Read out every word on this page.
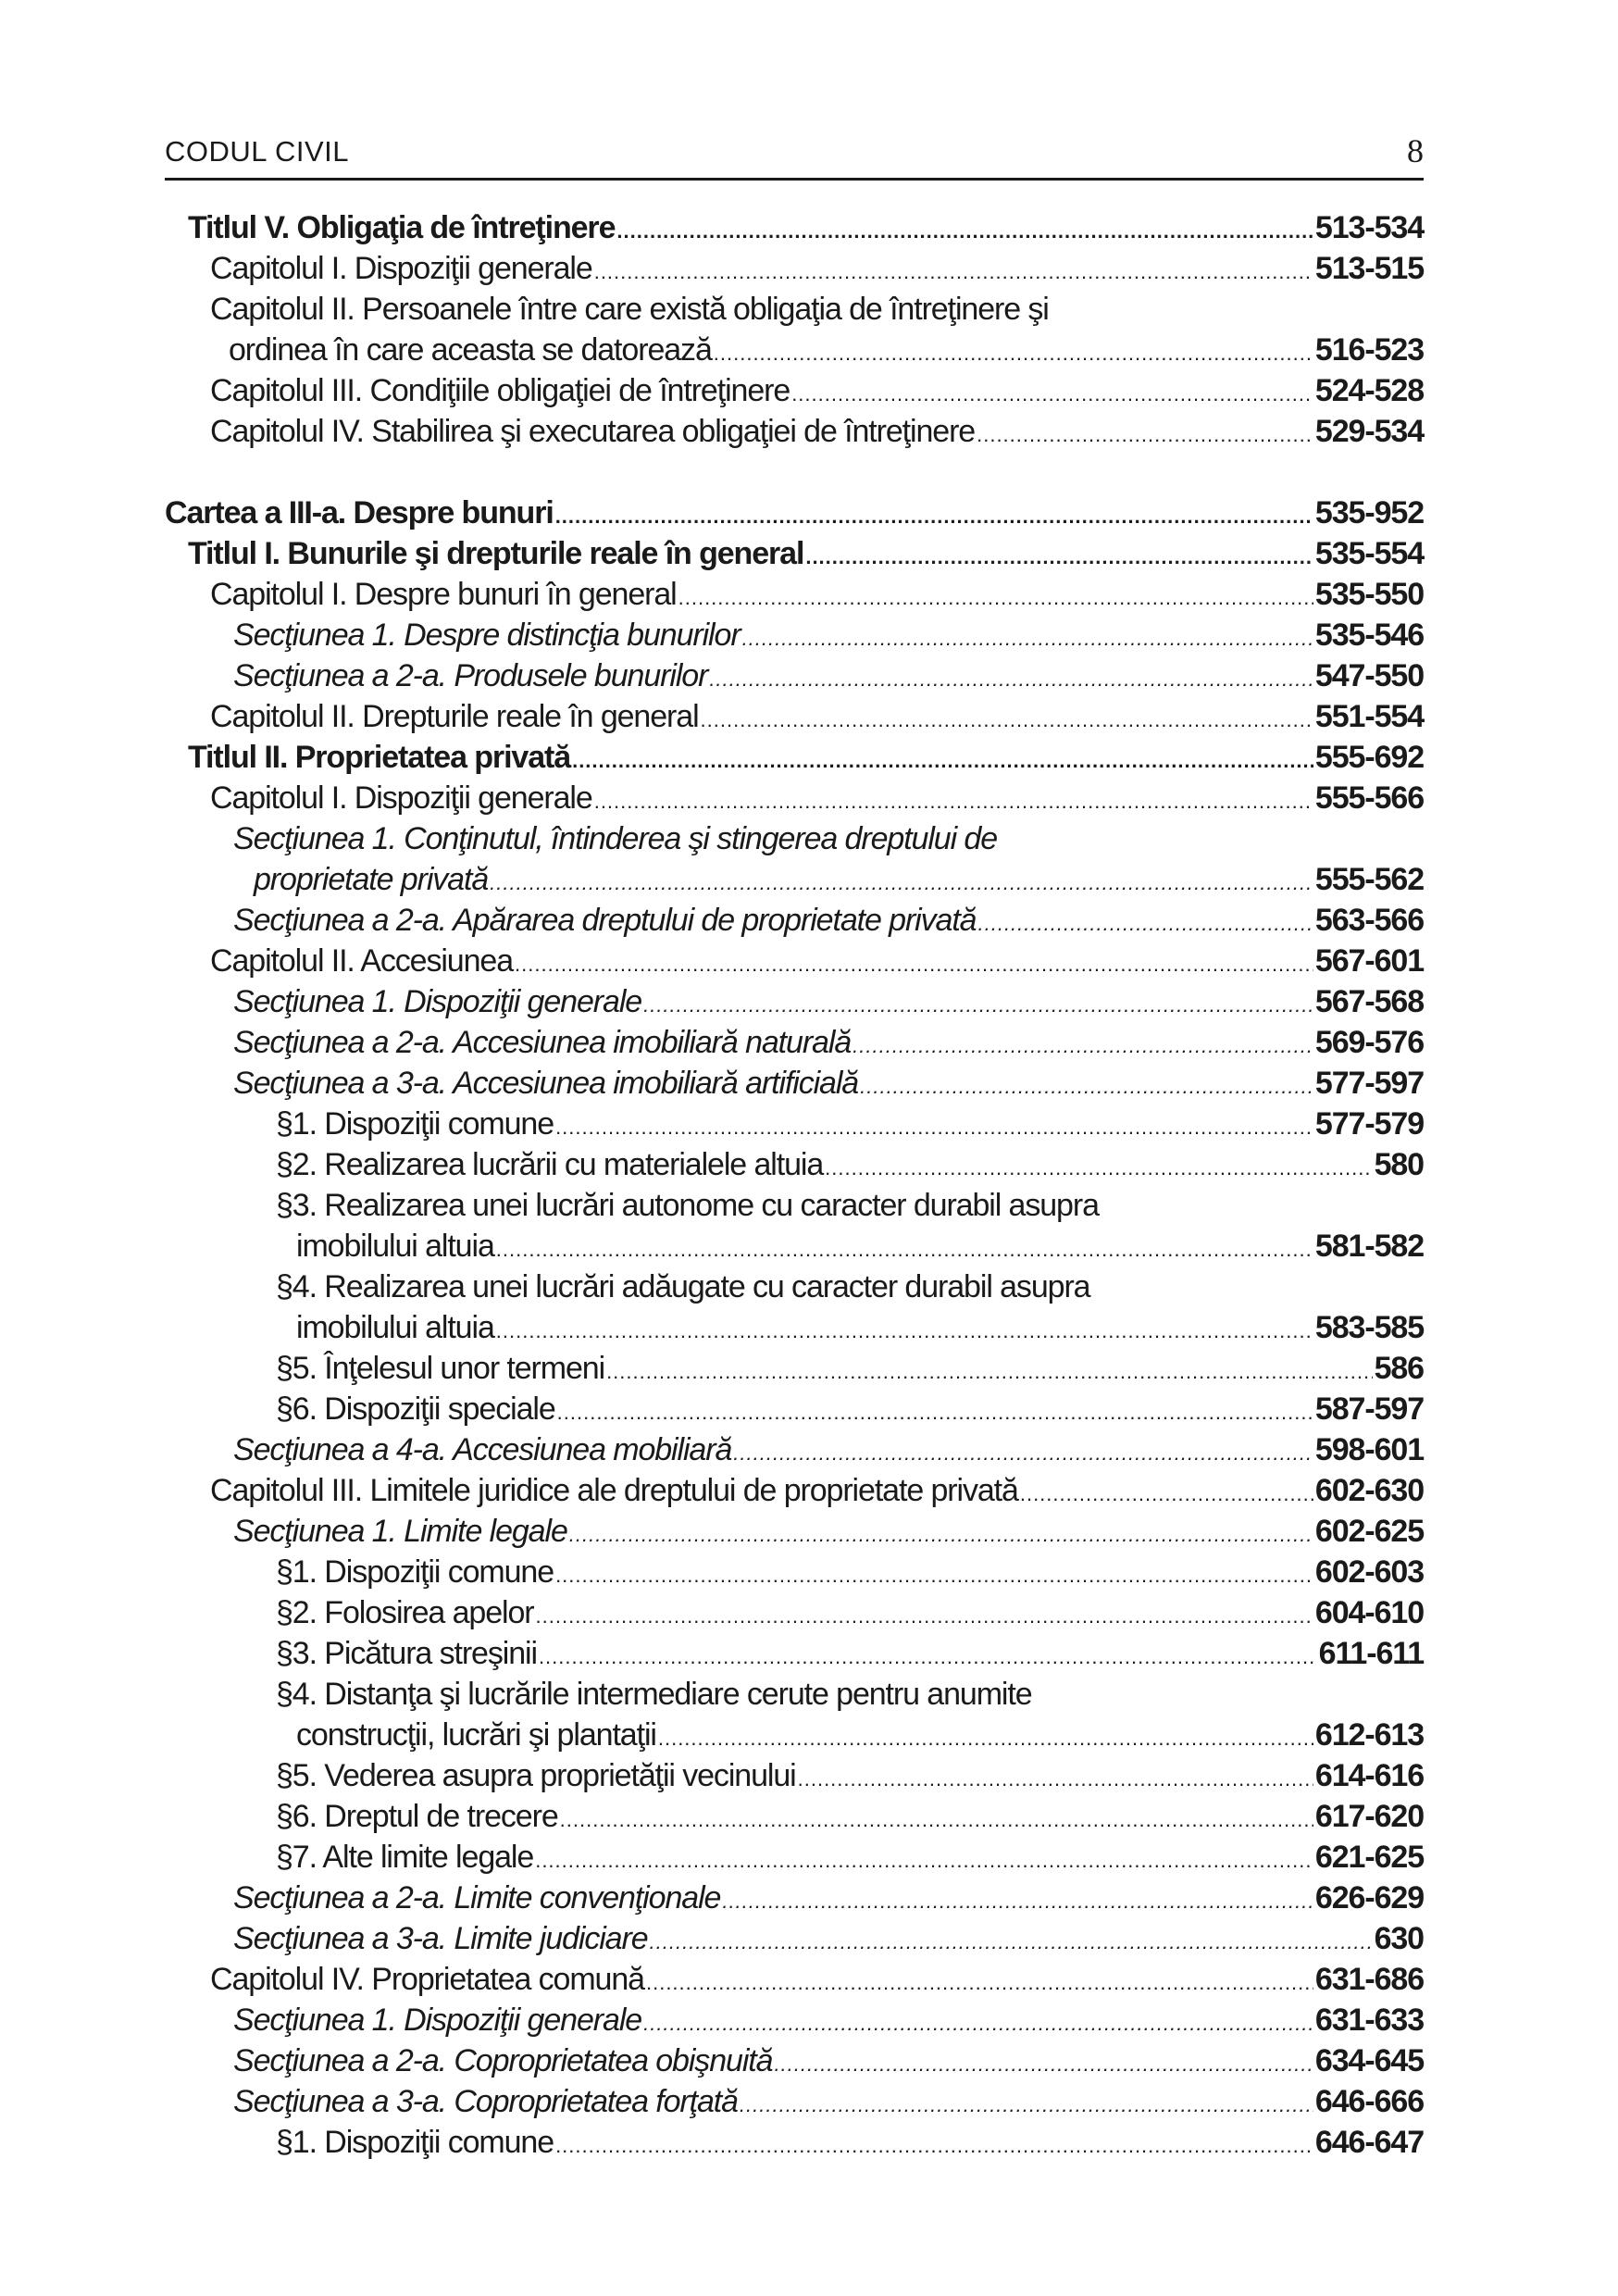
CODUL CIVIL	8
Titlul V. Obligaţia de întreţinere .....	513-534
Capitolul I. Dispoziţii generale .....	513-515
Capitolul II. Persoanele între care există obligaţia de întreţinere şi
ordinea în care aceasta se datorează .....	516-523
Capitolul III. Condiţiile obligaţiei de întreţinere .....	524-528
Capitolul IV. Stabilirea şi executarea obligaţiei de întreţinere .....	529-534
Cartea a III-a. Despre bunuri .....	535-952
Titlul I. Bunurile şi drepturile reale în general .....	535-554
Capitolul I. Despre bunuri în general .....	535-550
Secţiunea 1. Despre distincţia bunurilor .....	535-546
Secţiunea a 2-a. Produsele bunurilor .....	547-550
Capitolul II. Drepturile reale în general .....	551-554
Titlul II. Proprietatea privată .....	555-692
Capitolul I. Dispoziţii generale .....	555-566
Secţiunea 1. Conţinutul, întinderea şi stingerea dreptului de
proprietate privată .....	555-562
Secţiunea a 2-a. Apărarea dreptului de proprietate privată .....	563-566
Capitolul II. Accesiunea .....	567-601
Secţiunea 1. Dispoziţii generale .....	567-568
Secţiunea a 2-a. Accesiunea imobiliară naturală .....	569-576
Secţiunea a 3-a. Accesiunea imobiliară artificială .....	577-597
§1. Dispoziţii comune .....	577-579
§2. Realizarea lucrării cu materialele altuia .....	580
§3. Realizarea unei lucrări autonome cu caracter durabil asupra
imobilului altuia .....	581-582
§4. Realizarea unei lucrări adăugate cu caracter durabil asupra
imobilului altuia .....	583-585
§5. Înţelesul unor termeni .....	586
§6. Dispoziţii speciale .....	587-597
Secţiunea a 4-a. Accesiunea mobiliară .....	598-601
Capitolul III. Limitele juridice ale dreptului de proprietate privată .....	602-630
Secţiunea 1. Limite legale .....	602-625
§1. Dispoziţii comune .....	602-603
§2. Folosirea apelor .....	604-610
§3. Picătura streşinii .....	611-611
§4. Distanţa şi lucrările intermediare cerute pentru anumite
construcţii, lucrări şi plantaţii .....	612-613
§5. Vederea asupra proprietăţii vecinului .....	614-616
§6. Dreptul de trecere .....	617-620
§7. Alte limite legale .....	621-625
Secţiunea a 2-a. Limite convenţionale .....	626-629
Secţiunea a 3-a. Limite judiciare .....	630
Capitolul IV. Proprietatea comună .....	631-686
Secţiunea 1. Dispoziţii generale .....	631-633
Secţiunea a 2-a. Coproprietatea obişnuită .....	634-645
Secţiunea a 3-a. Coproprietatea forţată .....	646-666
§1. Dispoziţii comune .....	646-647
